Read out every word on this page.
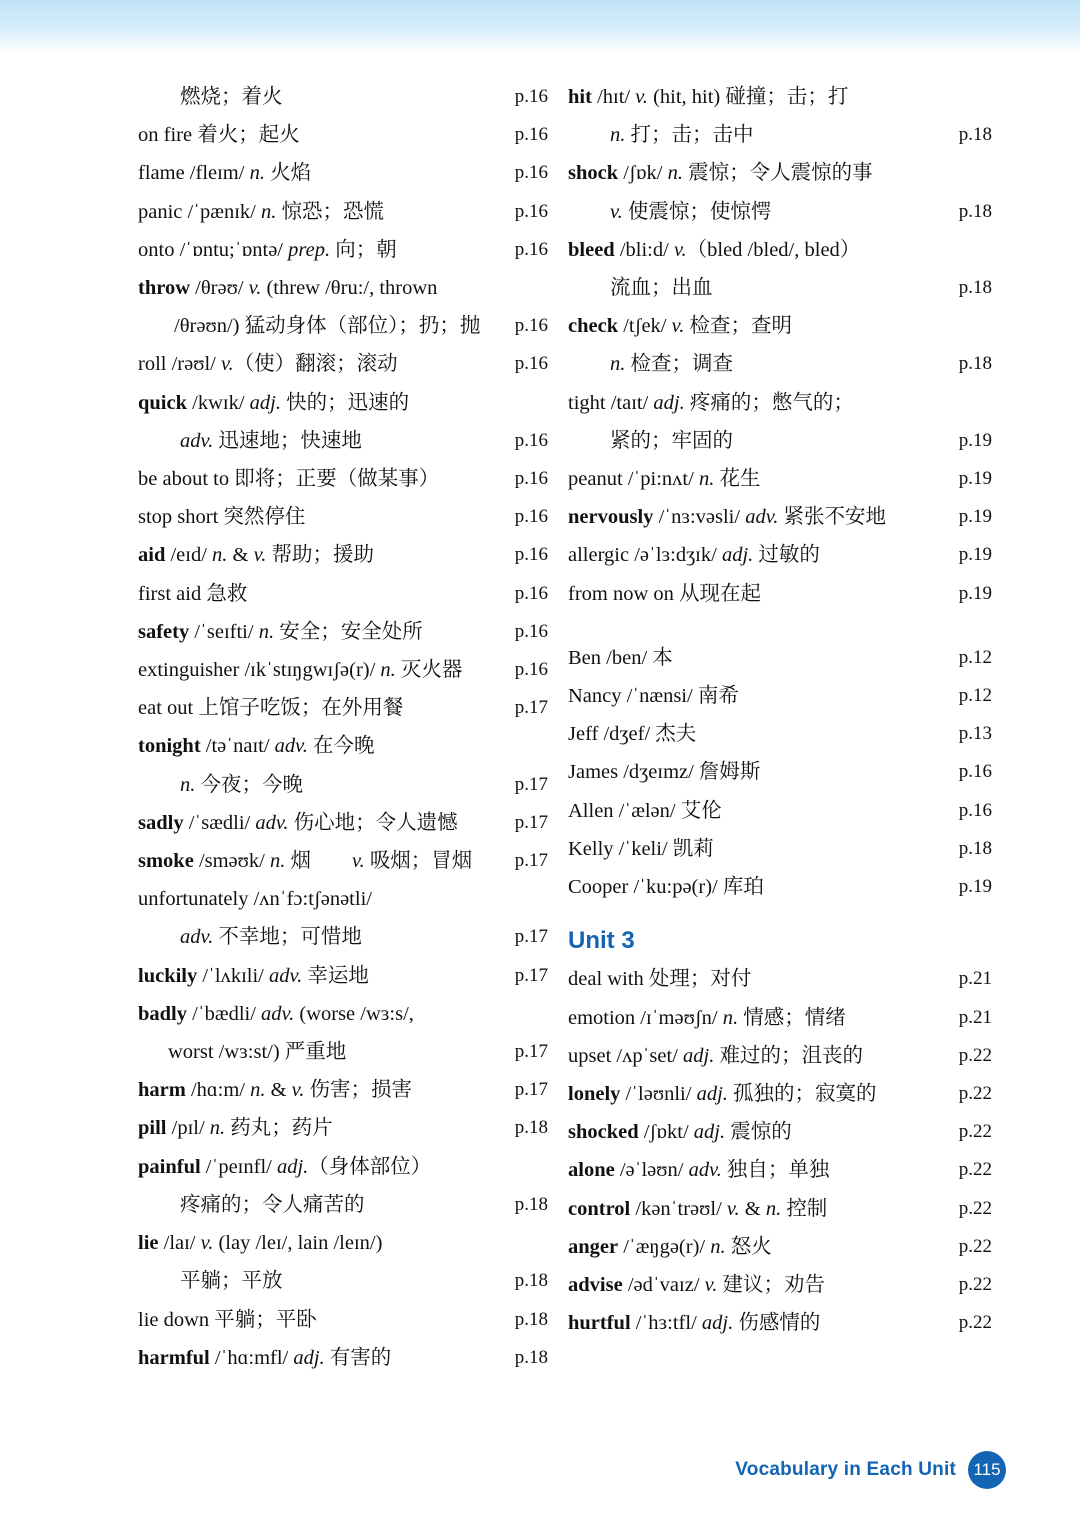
燃烧；着火	p.16
on fire 着火；起火	p.16
flame /fleɪm/ n. 火焰	p.16
panic /ˈpænɪk/ n. 惊恐；恐慌	p.16
onto /ˈɒntu;ˈɒntə/ prep. 向；朝	p.16
throw /θrəʊ/ v. (threw /θru:/, thrown
/θrəʊn/) 猛动身体（部位）；扔；抛 p.16
roll /rəʊl/ v.（使）翻滚；滚动	p.16
quick /kwɪk/ adj. 快的；迅速的
adv. 迅速地；快速地	p.16
be about to 即将；正要（做某事）	p.16
stop short 突然停住	p.16
aid /eɪd/ n. & v. 帮助；援助	p.16
first aid 急救	p.16
safety /ˈseɪfti/ n. 安全；安全处所	p.16
extinguisher /ɪkˈstɪŋgwɪʃə(r)/ n. 灭火器	p.16
eat out 上馆子吃饭；在外用餐	p.17
tonight /təˈnaɪt/ adv. 在今晚
n. 今夜；今晚	p.17
sadly /ˈsædli/ adv. 伤心地；令人遗憾	p.17
smoke /sməʊk/ n. 烟　　v. 吸烟；冒烟 p.17
unfortunately /ʌnˈfɔ:tʃənətli/
adv. 不幸地；可惜地	p.17
luckily /ˈlʌkɪli/ adv. 幸运地	p.17
badly /ˈbædli/ adv. (worse /wɜ:s/,
worst /wɜ:st/) 严重地	p.17
harm /hɑ:m/ n. & v. 伤害；损害	p.17
pill /pɪl/ n. 药丸；药片	p.18
painful /ˈpeɪnfl/ adj.（身体部位）
疼痛的；令人痛苦的	p.18
lie /laɪ/ v. (lay /leɪ/, lain /leɪn/)
平躺；平放	p.18
lie down 平躺；平卧	p.18
harmful /ˈhɑ:mfl/ adj. 有害的	p.18
hit /hɪt/ v. (hit, hit) 碰撞；击；打
n. 打；击；击中	p.18
shock /ʃɒk/ n. 震惊；令人震惊的事
v. 使震惊；使惊愕	p.18
bleed /bli:d/ v.（bled /bled/, bled）
流血；出血	p.18
check /tʃek/ v. 检查；查明
n. 检查；调查	p.18
tight /taɪt/ adj. 疼痛的；憋气的；
紧的；牢固的	p.19
peanut /ˈpi:nʌt/ n. 花生	p.19
nervously /ˈnɜ:vəsli/ adv. 紧张不安地	p.19
allergic /əˈlɜ:dʒɪk/ adj. 过敏的	p.19
from now on 从现在起	p.19
Ben /ben/ 本	p.12
Nancy /ˈnænsi/ 南希	p.12
Jeff /dʒef/ 杰夫	p.13
James /dʒeɪmz/ 詹姆斯	p.16
Allen /ˈælən/ 艾伦	p.16
Kelly /ˈkeli/ 凯莉	p.18
Cooper /ˈku:pə(r)/ 库珀	p.19
Unit 3
deal with 处理；对付	p.21
emotion /ɪˈməʊʃn/ n. 情感；情绪	p.21
upset /ʌpˈset/ adj. 难过的；沮丧的	p.22
lonely /ˈləʊnli/ adj. 孤独的；寂寞的	p.22
shocked /ʃɒkt/ adj. 震惊的	p.22
alone /əˈləʊn/ adv. 独自；单独	p.22
control /kənˈtrəʊl/ v. & n. 控制	p.22
anger /ˈæŋgə(r)/ n. 怒火	p.22
advise /ədˈvaɪz/ v. 建议；劝告	p.22
hurtful /ˈhɜ:tfl/ adj. 伤感情的	p.22
Vocabulary in Each Unit	115
